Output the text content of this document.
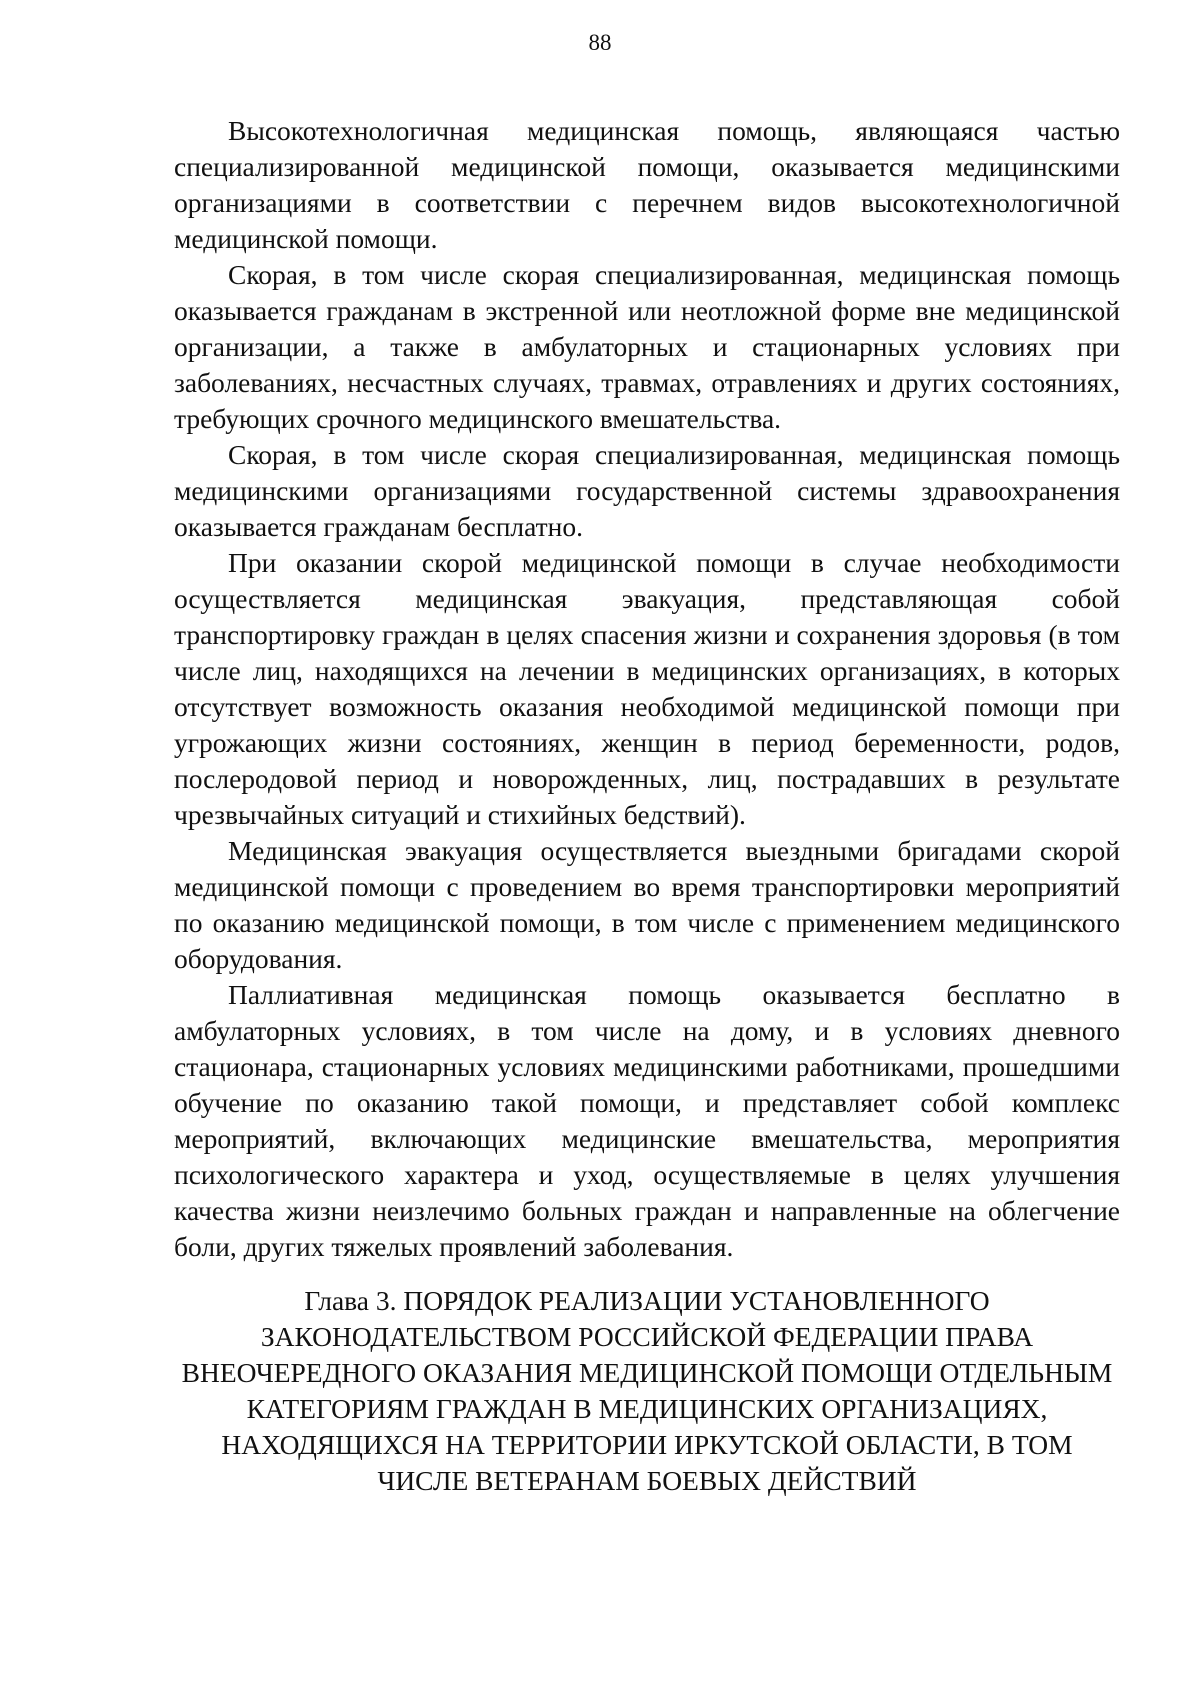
88

Высокотехнологичная медицинская помощь, являющаяся частью специализированной медицинской помощи, оказывается медицинскими организациями в соответствии с перечнем видов высокотехнологичной медицинской помощи.

Скорая, в том числе скорая специализированная, медицинская помощь оказывается гражданам в экстренной или неотложной форме вне медицинской организации, а также в амбулаторных и стационарных условиях при заболеваниях, несчастных случаях, травмах, отравлениях и других состояниях, требующих срочного медицинского вмешательства.

Скорая, в том числе скорая специализированная, медицинская помощь медицинскими организациями государственной системы здравоохранения оказывается гражданам бесплатно.

При оказании скорой медицинской помощи в случае необходимости осуществляется медицинская эвакуация, представляющая собой транспортировку граждан в целях спасения жизни и сохранения здоровья (в том числе лиц, находящихся на лечении в медицинских организациях, в которых отсутствует возможность оказания необходимой медицинской помощи при угрожающих жизни состояниях, женщин в период беременности, родов, послеродовой период и новорожденных, лиц, пострадавших в результате чрезвычайных ситуаций и стихийных бедствий).

Медицинская эвакуация осуществляется выездными бригадами скорой медицинской помощи с проведением во время транспортировки мероприятий по оказанию медицинской помощи, в том числе с применением медицинского оборудования.

Паллиативная медицинская помощь оказывается бесплатно в амбулаторных условиях, в том числе на дому, и в условиях дневного стационара, стационарных условиях медицинскими работниками, прошедшими обучение по оказанию такой помощи, и представляет собой комплекс мероприятий, включающих медицинские вмешательства, мероприятия психологического характера и уход, осуществляемые в целях улучшения качества жизни неизлечимо больных граждан и направленные на облегчение боли, других тяжелых проявлений заболевания.

Глава 3. ПОРЯДОК РЕАЛИЗАЦИИ УСТАНОВЛЕННОГО ЗАКОНОДАТЕЛЬСТВОМ РОССИЙСКОЙ ФЕДЕРАЦИИ ПРАВА ВНЕОЧЕРЕДНОГО ОКАЗАНИЯ МЕДИЦИНСКОЙ ПОМОЩИ ОТДЕЛЬНЫМ КАТЕГОРИЯМ ГРАЖДАН В МЕДИЦИНСКИХ ОРГАНИЗАЦИЯХ, НАХОДЯЩИХСЯ НА ТЕРРИТОРИИ ИРКУТСКОЙ ОБЛАСТИ, В ТОМ ЧИСЛЕ ВЕТЕРАНАМ БОЕВЫХ ДЕЙСТВИЙ
